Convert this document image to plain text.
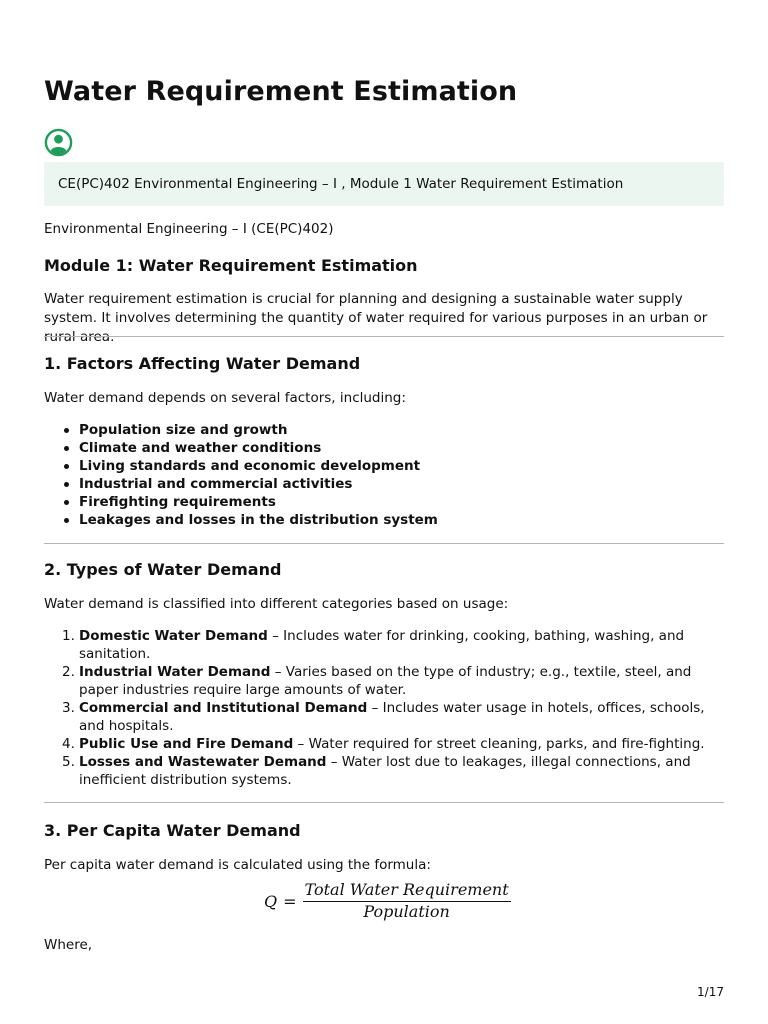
Water Requirement Estimation
CE(PC)402 Environmental Engineering – I , Module 1 Water Requirement Estimation
Environmental Engineering – I (CE(PC)402)
Module 1: Water Requirement Estimation

Water requirement estimation is crucial for planning and designing a sustainable water supply system. It involves determining the quantity of water required for various purposes in an urban or rural area.

1. Factors Affecting Water Demand

Water demand depends on several factors, including:

Population size and growth
Climate and weather conditions
Living standards and economic development
Industrial and commercial activities
Firefighting requirements
Leakages and losses in the distribution system
2. Types of Water Demand

Water demand is classified into different categories based on usage:

1. Domestic Water Demand – Includes water for drinking, cooking, bathing, washing, and sanitation.
2. Industrial Water Demand – Varies based on the type of industry; e.g., textile, steel, and paper industries require large amounts of water.
3. Commercial and Institutional Demand – Includes water usage in hotels, offices, schools, and hospitals.
4. Public Use and Fire Demand – Water required for street cleaning, parks, and fire-fighting.
5. Losses and Wastewater Demand – Water lost due to leakages, illegal connections, and inefficient distribution systems.
3. Per Capita Water Demand

Per capita water demand is calculated using the formula:

$Q = \frac{\text{Total Water Requirement}}{\text{Population}}$

Where,

1/17
